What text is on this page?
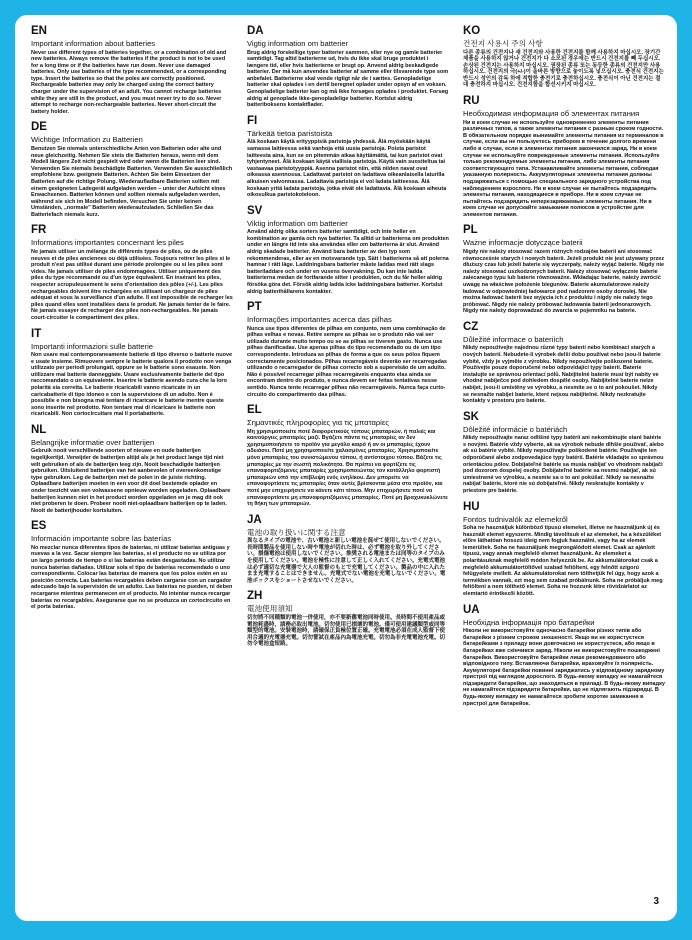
EN

Important information about batteries

Never use different types of batteries together, or a combination of old and new batteries. Always remove the batteries if the product is not to be used for a long time or if the batteries have run down. Never use damaged batteries. Only use batteries of the type recommended, or a corresponding type. Insert the batteries so that the poles are correctly positioned. Rechargeable batteries may only be charged using the correct battery charger under the supervision of an adult. You cannot recharge batteries while they are still in the product, and you must never try to do so. Never attempt to recharge non-rechargeable batteries. Never short-circuit the battery holder.

DE

Wichtige Information zu Batterien

Benutzen Sie niemals unterschiedliche Arten von Batterien oder alte und neue gleichzeitig. Nehmen Sie stets die Batterien heraus, wenn mit dem Modell längere Zeit nicht gespielt wird oder wenn die Batterien leer sind. Verwenden Sie niemals beschädigte Batterien. Verwenden Sie ausschließlich empfohlene bzw. geeignete Batterien. Achten Sie beim Einsetzen der Batterien auf die richtige Polung. Wiederaufladbare Batterien sollten mit einem geeigneten Ladegerät aufgeladen werden – unter der Aufsicht eines Erwachsenen. Batterien können und sollten niemals aufgeladen werden, während sie sich im Modell befinden. Versuchen Sie unter keinen Umständen, „normale" Batterien wiederaufzuladen. Schließen Sie das Batteriefach niemals kurz.

FR

Informations importantes concernant les piles

Ne jamais utiliser un mélange de différents types de piles, ou de piles neuves et de piles anciennes ou déjà utilisées. Toujours retirer les piles si le produit n'est pas utilisé durant une période prolongée ou si les piles sont vides. Ne jamais utiliser de piles endommagées. Utiliser uniquement des piles du type recommandé ou d'un type équivalent. En insérant les piles, respecter scrupuleusement le sens d'orientation des pôles (+/-). Les piles rechargeables doivent être rechargées en utilisant un chargeur de piles adéquat et sous la surveillance d'un adulte. Il est impossible de recharger les piles quand elles sont installées dans le produit. Ne jamais tenter de le faire. Ne jamais essayer de recharger des piles non-rechargeables. Ne jamais court-circuiter le compartiment des piles.

IT

Importanti informazioni sulle batterie

Non usare mai contemporaneamente batterie di tipo diverso o batterie nuove e usate insieme. Rimuovere sempre le batterie qualora il prodotto non venga utilizzato per periodi prolungati, oppure se le batterie sono esauste. Non utilizzare mai batterie danneggiate. Usare esclusivamente batterie del tipo raccomandato o un equivalente. Inserire le batterie avendo cura che la loro polarità sia corretta. Le batterie ricaricabili vanno ricaricate in un caricabatterie di tipo idoneo e con la supervisione di un adulto. Non è possibile e non bisogna mai tentare di ricaricare le batterie mentre queste sono inserite nel prodotto. Non tentare mai di ricaricare le batterie non ricaricabili. Non cortocircuitare mai il portabatterie.

NL

Belangrijke informatie over batterijen

Gebruik nooit verschillende soorten of nieuwe en oude batterijen tegelijkertijd. Verwijder de batterijen altijd als je het product lange tijd niet wilt gebruiken of als de batterijen leeg zijn. Nooit beschadigde batterijen gebruiken. Uitsluitend batterijen van het aanbevolen of overeenkomstige type gebruiken. Leg de batterijen met de polen in de juiste richting. Oplaadbare batterijen moeten in een voor dit doel bestemde oplader en onder toezicht van een volwassene opnieuw worden opgeladen. Oplaadbare batterijen kunnen niet in het product worden opgeladen en je mag dit ook niet proberen te doen. Probeer nooit niet-oplaadbare batterijen op te laden. Nooit de batterijhouder kortsluiten.

ES

Información importante sobre las baterías

No mezclar nunca diferentes tipos de baterías, ni utilizar baterías antiguas y nuevas a la vez. Sacar siempre las baterías, si el producto no se utiliza por un largo período de tiempo o si las baterías están desgastadas. No utilizar nunca baterías dañadas. Utilizar sola el tipo de baterías recomendado o uno correspondiente. Colocar las baterías de manera que los polos estén en su posición correcta. Las baterías recargables deben cargarse con un cargador adecuado bajo la supervisión de un adulto. Las baterías no pueden, ni deben recargarse mientras permanecen en el producto. No intentar nunca recargar baterías no recargables. Asegurarse que no se produzca un cortocircuito en el porta baterías.

DA

Vigtig information om batterier

Brug aldrig forskellige typer batterier sammen, eller nye og gamle batterier samtidigt. Tag altid batterierne ud, hvis du ikke skal bruge produktet i længere tid, eller hvis batterierne er brugt op. Anvend aldrig beskadigede batterier. Der må kun anvendes batterier af samme eller tilsvarende type som anbefalet. Batterierne skal vende rigtigt når de i sættes. Genopladelige batterier skal oplades i en dertil beregnet oplader under opsyn af en voksen. Genopladelige batterier kan og må ikke forsøges oplades i produktet. Forsøg aldrig at genoplade ikke-genopladelige batterier. Kortslut aldrig batteriboksens kontaktflader.

FI

Tärkeää tietoa paristoista

Älä koskaan käytä erityyppisiä paristoja yhdessä. Älä myöskään käytä samassa laitteessa sekä vanhoja että uusia paristoja. Poista paristot laitteesta aina, kun se on pitemmän aikaa käyttämättä, tai kun paristot ovat tyhjentyneet. Älä koskaan käytä viallisia paristoja. Käytä vain suositeltua tai vastaavaa paristotyyppiä. Asenna paristot niin, että niiden navat ovat oikeassa asennossa. Ladattavat paristot on ladattava oikeanlaisella laturilla aikuisen valvonnassa. Ladattavia paristoja ei voi ladata laitteessa. Älä koskaan yritä ladata paristoja, jotka eivät ole ladattavia. Älä koskaan aiheuta oikosulkua paristokoteloon.

SV

Viktig information om batterier

Använd aldrig olika sorters batterier samtidigt, och inte heller en kombination av gamla och nya batterier. Ta alltid ur batterierna om produkten under en längre tid inte ska användas eller om batterierna är slut. Använd aldrig skadade batterier. Använd bara batterier av den typ som rekommenderas, eller av en motsvarande typ. Sätt i batterierna så att polerna hamnar i rätt läge. Laddningsbara batterier måste laddas med rätt slags batteriladdare och under en vuxens övervakning. Du kan inte ladda batterierna medan de fortfarande sitter i produkten, och du får heller aldrig försöka göra det. Försök aldrig ladda icke laddningsbara batterier. Kortslut aldrig batterihållarens kontakter.

PT

Informações importantes acerca das pilhas

Nunca use tipos diferentes de pilhas em conjunto, nem uma combinação de pilhas velhas e novas. Retire sempre as pilhas se o produto não vai ser utilizado durante muito tempo ou se as pilhas se tiverem gasto. Nunca use pilhas danificadas. Use apenas pilhas do tipo recomendado ou de um tipo correspondente. Introduza as pilhas de forma a que os seus pólos fiquem correctamente posicionados. Pilhas recarregáveis deverão ser recarregadas utilizando o recarregador de pilhas correcto sob a supervisão de um adulto. Não é possível recarregar pilhas recarregáveis enquanto elas ainda se encontram dentro do produto, e nunca devem ser feitas tentativas nesse sentido. Nunca tente recarregar pilhas não recarregáveis. Nunca faça curto-circuito do compartimento das pilhas.

EL

Σημαντικές πληροφορίες για τις μπαταρίες

Μη χρησιμοποιείτε ποτέ διαφορετικούς τύπους μπαταριών, ή παλιές και καινούργιες μπαταρίες μαζί. Βγάζετε πάντα τις μπαταρίες αν δεν χρησιμοποιήσετε το προϊόν για μεγάλο καιρό ή αν οι μπαταρίες έχουν αδειάσει. Ποτέ μη χρησιμοποιείτε χαλασμένες μπαταρίες. Χρησιμοποιείτε μόνο μπαταρίες του συνιστώμενου τύπου, ή αντίστοιχου τύπου. Βάζετε τις μπαταρίες με την σωστή πολικότητα. Θα πρέπει να φορτίζετε τις επαναφορτιζόμενες μπαταρίες χρησιμοποιώντας τον κατάλληλο φορτιστή μπαταριών υπό την επίβλεψη ενός ενηλίκου. Δεν μπορείτε να επαναφορτίσετε τις μπαταρίες όταν αυτές βρίσκονται μέσα στο προϊόν, και ποτέ μην επιχειρήσετε να κάνετε κάτι τέτοιο. Μην επιχειρήσετε ποτέ να επαναφορτίσετε μη επαναφορτιζόμενες μπαταρίες. Ποτέ μη βραχυκυκλώνετε τη θήκη των μπαταριών.

JA

電池の取り扱いに関する注意

異なるタイプの電池や、古い電池と新しい電池を混ぜて使用しないでください。長時間製品を使用しない時や電池が切れた時は、必ず電池を取り外してください。損傷電池は使用しないでください。推奨される電池または同等のタイプのみを使用してください。電池を極性に注意して正しく入れてください。充電式電池は必ず適切な充電器で大人の監督のもとで充電してください。製品の中に入れたまま充電することはできません。充電式でない電池を充電しないでください。電池ボックスをショートさせないでください。

ZH

電池使用須知

切勿將不同種類的電池一併使用，亦不要新舊電池同時使用。長時間不使用產品或電池耗盡時，請務必取出電池。切勿使用已損壞的電池。僅可使用建議類型或同等類型的電池。安裝電池時，請確保正負極位置正確。充電電池必須在成人監督下使用合適的充電器充電。切勿嘗試在產品內為電池充電。切勿為非充電電池充電。切勿令電池盒短路。

KO

건전지 사용시 주의 사항

다른 종류의 건전지나 새 건전지와 사용한 건전지를 함께 사용하지 마십시오. 장기간 제품을 사용하지 않거나 건전지가 다 소모된 경우에는 반드시 건전지를 빼 두십시오. 손상된 건전지는 사용하지 마십시오. 권장된 종류 또는 동등한 종류의 건전지만 사용하십시오. 건전지의 극(+/-)이 올바른 방향으로 놓이도록 넣으십시오. 충전식 건전지는 반드시 성인의 감독 하에 적합한 충전기로 충전하십시오. 충전식이 아닌 건전지는 절대 충전하지 마십시오. 건전지함을 합선시키지 마십시오.

RU

Необходимая информация об элементах питания

Ни в коем случае не используйте одновременно элементы питания различных типов, а также элементы питания с разным сроком годности. В обязательном порядке вынимайте элементы питания из терминалов в случае, если вы не пользуетесь прибором в течение долгого времени либо в случае, если в элементах питания закончился заряд. Ни в коем случае не используйте поврежденные элементы питания. Используйте только рекомендуемые элементы питания, либо элементы питания соответствующего типа. Устанавливайте элементы питания, соблюдая указанную полярность. Аккумуляторные элементы питания должны подзаряжаться с помощью специального зарядного устройства под наблюдением взрослого. Ни в коем случае не пытайтесь подзарядить элементы питания, находящиеся в приборе. Ни в коем случае не пытайтесь подзарядить неперезаряжаемые элементы питания. Ни в коем случае не допускайте замыкания полюсов в устройстве для элементов питания.

PL

Ważne informacje dotyczące baterii

Nigdy nie należy stosować razem różnych rodzajów baterii ani stosować równocześnie starych i nowych baterii. Jeżeli produkt nie jest używany przez dłuższy czas lub jeżeli baterie się wyczerpały, należy wyjąć baterie. Nigdy nie należy stosować uszkodzonych baterii. Należy stosować wyłącznie baterie zalecanego typu lub baterie równoważne. Wkładając baterie, należy zwrócić uwagę na właściwe położenie biegunów. Baterie akumulatorowe należy ładować w odpowiedniej ładowarce pod nadzorem osoby dorosłej. Nie można ładować baterii bez wyjęcia ich z produktu i nigdy nie należy tego próbować. Nigdy nie należy próbować ładowania baterii jednorazowych. Nigdy nie należy doprowadzać do zwarcia w pojemniku na baterie.

CZ

Důležité informace o bateriích

Nikdy nepoužívejte najednou různé typy baterií nebo kombinaci starých a nových baterií. Nebudete-li výrobek delší dobu používat nebo jsou-li baterie vybité, vždy je vyjměte z výrobku. Nikdy nepoužívejte poškozené baterie. Používejte pouze doporučené nebo odpovídající typy baterií. Baterie instalujte se správnou orientací pólů. Nabíjitelné baterie musí být nabity ve vhodné nabíječce pod dohledem dospělé osoby. Nabíjitelné baterie nelze nabíjet, jsou-li umístěny ve výrobku, a nesmíte se o to ani pokoušet. Nikdy se nesnažte nabíjet baterie, které nejsou nabíjitelné. Nikdy nezkratujte kontakty v prostoru pro baterie.

SK

Dôležité informácie o batériách

Nikdy nepoužívajte naraz odlišné typy batérií ani nekombinujte staré batérie s novými. Batérie vždy vyberte, ak sa výrobok nebude dlhšie používať, alebo ak sú batérie vybité. Nikdy nepoužívajte poškodené batérie. Používajte len odporúčané alebo zodpovedajúce typy batérií. Batérie vkladajte so správnou orientáciou pólov. Dobíjateľné batérie sa musia nabíjať vo vhodnom nabíjači pod dozorom dospelej osoby. Dobíjateľné batérie sa nesmú nabíjať, ak sú umiestnené vo výrobku, a nesmie sa o to ani pokúšať. Nikdy sa nesnažte nabíjať batérie, ktoré nie sú dobíjateľné. Nikdy neskratujte kontakty v priestore pre batérie.

HU

Fontos tudnivalók az elemekről

Soha ne használjuk különböző típusú elemeket, illetve ne használjunk új és használt elemet egyszerre. Mindig távolítsuk el az elemeket, ha a készüléket előre láthatóan hosszú ideig nem fogjuk használni, vagy ha az elemek lemerültek. Soha ne használjunk megrongálódott elemet. Csak az ajánlott típusú, vagy annak megfelelő elemet használjunk. Az elemeket a polaritásuknak megfelelő módon helyezzük be. Az akkumulátorokat csak a megfelelő akkumulátortöltővel szabad feltölteni, egy felnőtt szigorú felügyelete mellett. Az akkumulátorokat nem tölthetjük fel úgy, hogy azok a termékben vannak, ezt meg sem szabad próbálnunk. Soha ne próbáljuk meg feltölteni a nem tölthető elemet. Soha ne hozzunk létre rövidzárlatot az elemtartó érintkezői között.

UA

Необхідна інформація про батарейки

Ніколи не використовуйте одночасно батарейки різних типів або батарейки з різним строком зношеності. Якщо ви не користуєтеся батарейками з приладу вони довгочасно не користуєтеся, або якщо в батарейках вже скінчився заряд. Ніколи не використовуйте пошкоджені батарейки. Використовуйте батарейки лише рекомендованого або відповідного типу. Вставляючи батарейки, враховуйте їх полярність. Акумуляторні батарейки повинні заряджатись у відповідному зарядному пристрої під наглядом дорослого. В будь-якому випадку не намагайтеся підзарядити батарейки, що знаходяться в приладі. В будь-якому випадку не намагайтеся підзарядити батарейки, що не підлягають підзарядці. В будь-якому випадку не намагайтеся зробити коротке замикання в пристрої для батарейок.

3
